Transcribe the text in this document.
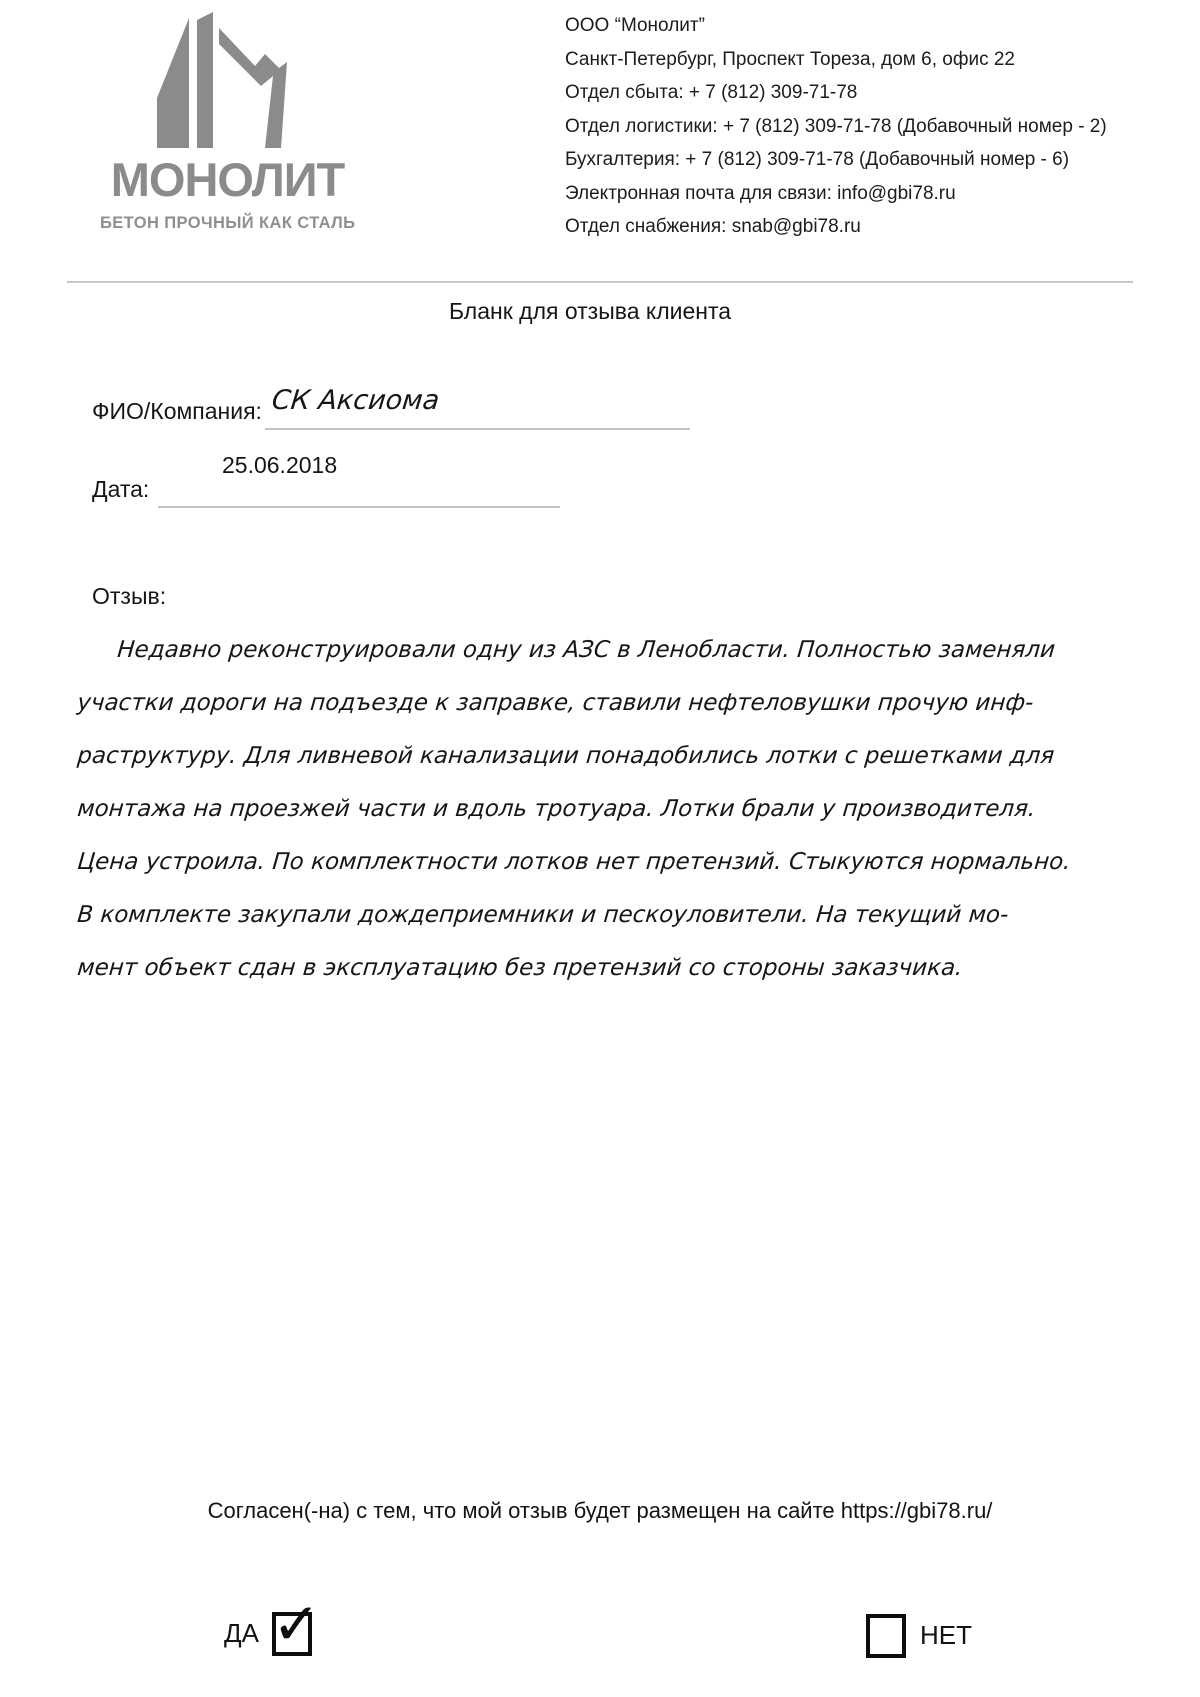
МОНОЛИТ
БЕТОН ПРОЧНЫЙ КАК СТАЛЬ
ООО “Монолит”
Санкт-Петербург, Проспект Тореза, дом 6, офис 22
Отдел сбыта: + 7 (812) 309-71-78
Отдел логистики: + 7 (812) 309-71-78 (Добавочный номер - 2)
Бухгалтерия: + 7 (812) 309-71-78 (Добавочный номер - 6)
Электронная почта для связи: info@gbi78.ru
Отдел снабжения: snab@gbi78.ru
Бланк для отзыва клиента
ФИО/Компания: СК Аксиома
Дата:
25.06.2018
Отзыв:
Недавно реконструировали одну из АЗС в Ленобласти. Полностью заменяли
участки дороги на подъезде к заправке, ставили нефтеловушки прочую инф-
раструктуру. Для ливневой канализации понадобились лотки с решетками для
монтажа на проезжей части и вдоль тротуара. Лотки брали у производителя.
Цена устроила. По комплектности лотков нет претензий. Стыкуются нормально.
В комплекте закупали дождеприемники и пескоуловители. На текущий мо-
мент объект сдан в эксплуатацию без претензий со стороны заказчика.
Согласен(-на) с тем, что мой отзыв будет размещен на сайте https://gbi78.ru/
ДА ✓	НЕТ
